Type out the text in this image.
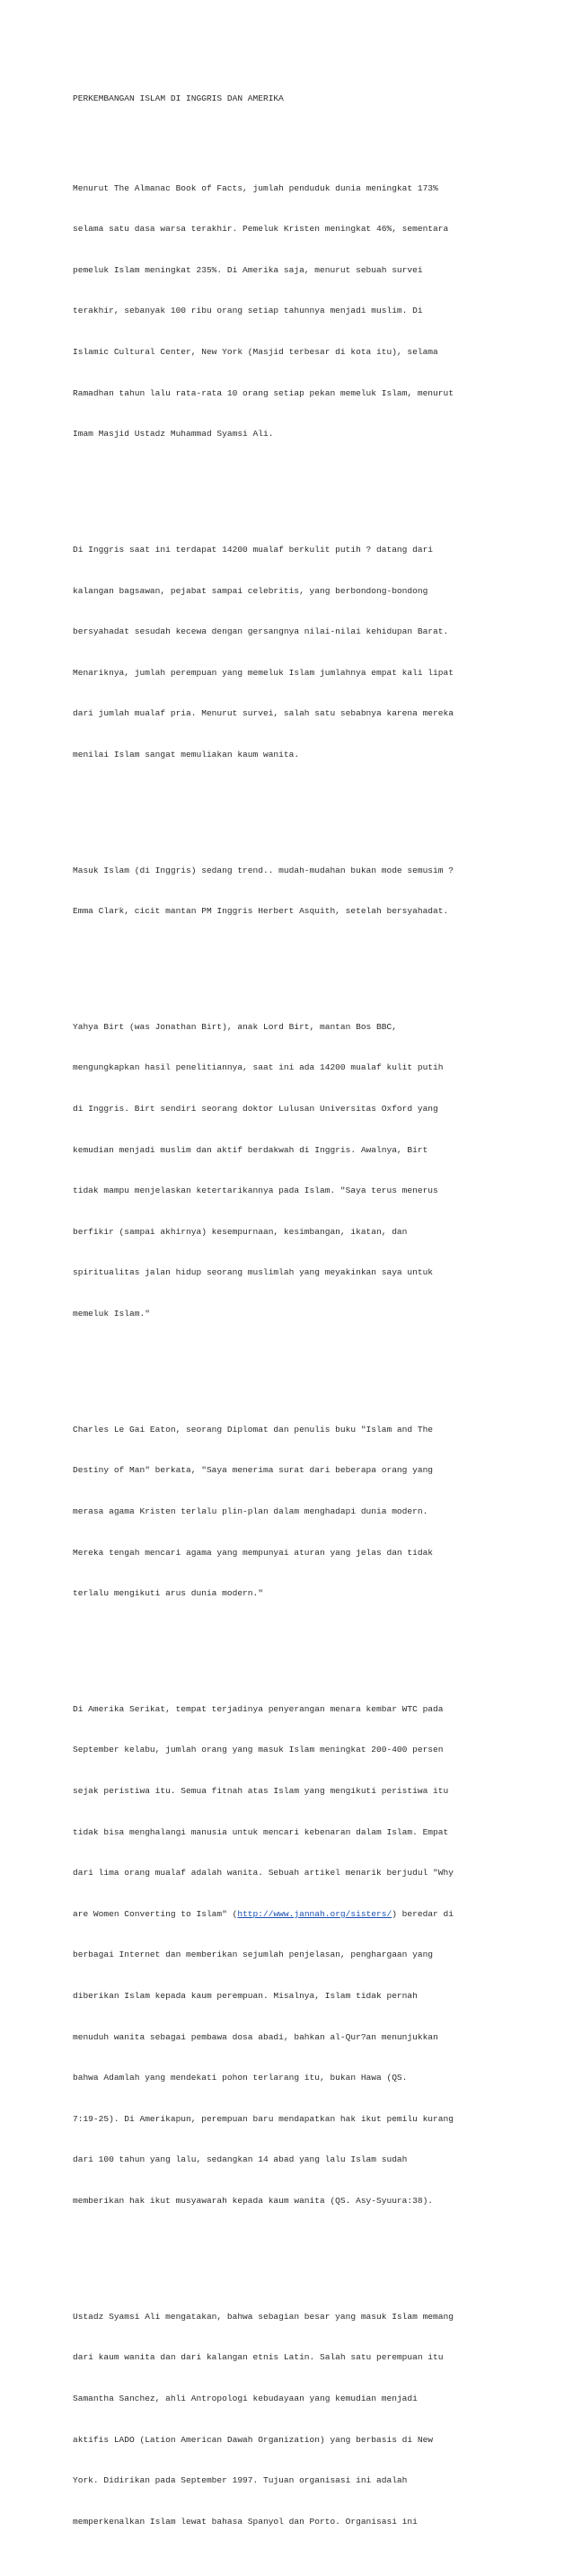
PERKEMBANGAN ISLAM DI INGGRIS DAN AMERIKA

Menurut The Almanac Book of Facts, jumlah penduduk dunia meningkat 173%

selama satu dasa warsa terakhir. Pemeluk Kristen meningkat 46%, sementara

pemeluk Islam meningkat 235%. Di Amerika saja, menurut sebuah survei

terakhir, sebanyak 100 ribu orang setiap tahunnya menjadi muslim. Di

Islamic Cultural Center, New York (Masjid terbesar di kota itu), selama

Ramadhan tahun lalu rata-rata 10 orang setiap pekan memeluk Islam, menurut

Imam Masjid Ustadz Muhammad Syamsi Ali.

Di Inggris saat ini terdapat 14200 mualaf berkulit putih ? datang dari

kalangan bagsawan, pejabat sampai celebritis, yang berbondong-bondong

bersyahadat sesudah kecewa dengan gersangnya nilai-nilai kehidupan Barat.

Menariknya, jumlah perempuan yang memeluk Islam jumlahnya empat kali lipat

dari jumlah mualaf pria. Menurut survei, salah satu sebabnya karena mereka

menilai Islam sangat memuliakan kaum wanita.

Masuk Islam (di Inggris) sedang trend.. mudah-mudahan bukan mode semusim ?

Emma Clark, cicit mantan PM Inggris Herbert Asquith, setelah bersyahadat.

Yahya Birt (was Jonathan Birt), anak Lord Birt, mantan Bos BBC,

mengungkapkan hasil penelitiannya, saat ini ada 14200 mualaf kulit putih

di Inggris. Birt sendiri seorang doktor Lulusan Universitas Oxford yang

kemudian menjadi muslim dan aktif berdakwah di Inggris. Awalnya, Birt

tidak mampu menjelaskan ketertarikannya pada Islam. "Saya terus menerus

berfikir (sampai akhirnya) kesempurnaan, kesimbangan, ikatan, dan

spiritualitas jalan hidup seorang muslimlah yang meyakinkan saya untuk

memeluk Islam."

Charles Le Gai Eaton, seorang Diplomat dan penulis buku "Islam and The

Destiny of Man" berkata, "Saya menerima surat dari beberapa orang yang

merasa agama Kristen terlalu plin-plan dalam menghadapi dunia modern.

Mereka tengah mencari agama yang mempunyai aturan yang jelas dan tidak

terlalu mengikuti arus dunia modern."

Di Amerika Serikat, tempat terjadinya penyerangan menara kembar WTC pada

September kelabu, jumlah orang yang masuk Islam meningkat 200-400 persen

sejak peristiwa itu. Semua fitnah atas Islam yang mengikuti peristiwa itu

tidak bisa menghalangi manusia untuk mencari kebenaran dalam Islam. Empat

dari lima orang mualaf adalah wanita. Sebuah artikel menarik berjudul "Why

are Women Converting to Islam" (http://www.jannah.org/sisters/) beredar di

berbagai Internet dan memberikan sejumlah penjelasan, penghargaan yang

diberikan Islam kepada kaum perempuan. Misalnya, Islam tidak pernah

menuduh wanita sebagai pembawa dosa abadi, bahkan al-Qur?an menunjukkan

bahwa Adamlah yang mendekati pohon terlarang itu, bukan Hawa (QS.

7:19-25). Di Amerikapun, perempuan baru mendapatkan hak ikut pemilu kurang

dari 100 tahun yang lalu, sedangkan 14 abad yang lalu Islam sudah

memberikan hak ikut musyawarah kepada kaum wanita (QS. Asy-Syuura:38).

Ustadz Syamsi Ali mengatakan, bahwa sebagian besar yang masuk Islam memang

dari kaum wanita dan dari kalangan etnis Latin. Salah satu perempuan itu

Samantha Sanchez, ahli Antropologi kebudayaan yang kemudian menjadi

aktifis LADO (Lation American Dawah Organization) yang berbasis di New

York. Didirikan pada September 1997. Tujuan organisasi ini adalah

memperkenalkan Islam lewat bahasa Spanyol dan Porto. Organisasi ini
